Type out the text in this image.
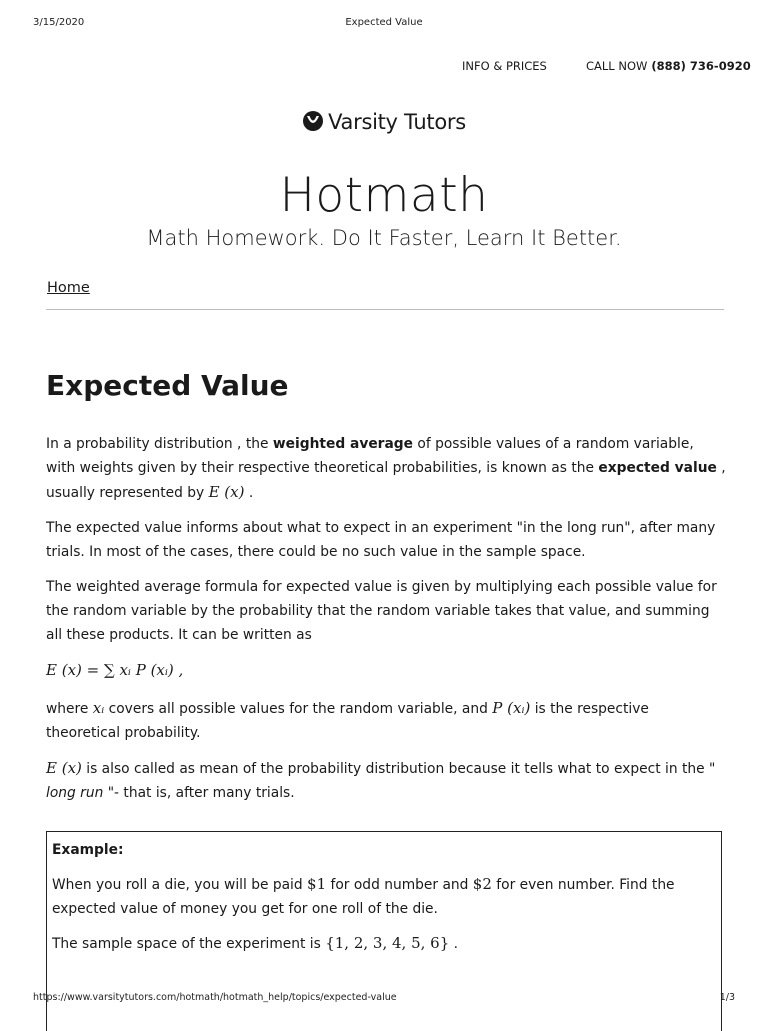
3/15/2020	Expected Value
INFO & PRICES	CALL NOW (888) 736-0920
Varsity Tutors
Hotmath
Math Homework. Do It Faster, Learn It Better.
Home
Expected Value

In a probability distribution , the weighted average of possible values of a random variable, with weights given by their respective theoretical probabilities, is known as the expected value , usually represented by E (x) .

The expected value informs about what to expect in an experiment "in the long run", after many trials. In most of the cases, there could be no such value in the sample space.

The weighted average formula for expected value is given by multiplying each possible value for the random variable by the probability that the random variable takes that value, and summing all these products. It can be written as

E (x) = ∑ xᵢ P (xᵢ) ,

where xᵢ covers all possible values for the random variable, and P (xᵢ) is the respective theoretical probability.

E (x) is also called as mean of the probability distribution because it tells what to expect in the " long run "- that is, after many trials.

Example:

When you roll a die, you will be paid $1 for odd number and $2 for even number. Find the expected value of money you get for one roll of the die.

The sample space of the experiment is {1, 2, 3, 4, 5, 6} .

https://www.varsitytutors.com/hotmath/hotmath_help/topics/expected-value	1/3
